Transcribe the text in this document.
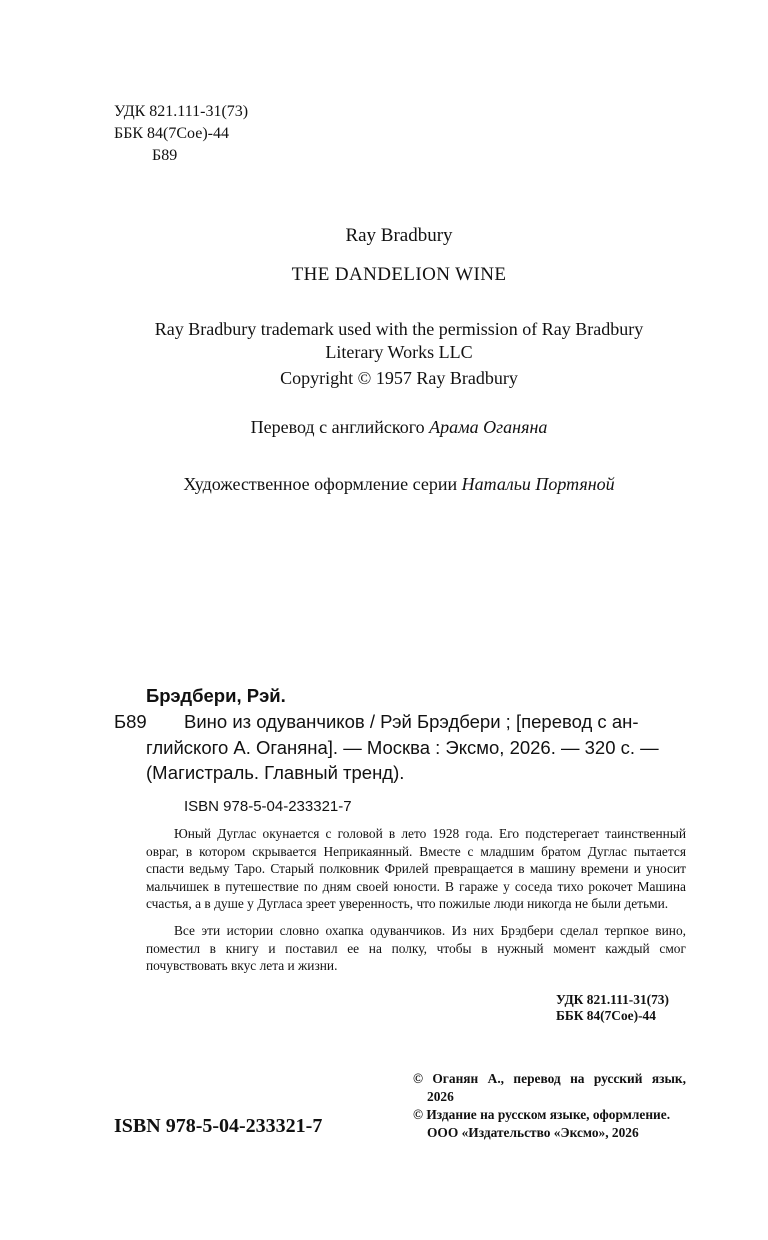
УДК 821.111-31(73)
ББК 84(7Сое)-44
Б89
Ray Bradbury
THE DANDELION WINE
Ray Bradbury trademark used with the permission of Ray Bradbury
Literary Works LLC
Copyright © 1957 Ray Bradbury
Перевод с английского Арама Оганяна
Художественное оформление серии Натальи Портяной
Брэдбери, Рэй.
Б89 Вино из одуванчиков / Рэй Брэдбери ; [перевод с ан-
глийского А. Оганяна]. — Москва : Эксмо, 2026. — 320 с. —
(Магистраль. Главный тренд).
ISBN 978-5-04-233321-7

Юный Дуглас окунается с головой в лето 1928 года. Его подстерегает таинственный овраг, в котором скрывается Неприкаянный. Вместе с младшим братом Дуглас пытается спасти ведьму Таро. Старый полковник Фрилей превращается в машину времени и уносит мальчишек в путешествие по дням своей юности. В гараже у соседа тихо рокочет Машина счастья, а в душе у Дугласа зреет уверенность, что пожилые люди никогда не были детьми.

Все эти истории словно охапка одуванчиков. Из них Брэдбери сделал терпкое вино, поместил в книгу и поставил ее на полку, чтобы в нужный момент каждый смог почувствовать вкус лета и жизни.

УДК 821.111-31(73)
ББК 84(7Сое)-44
ISBN 978-5-04-233321-7
© Оганян А., перевод на русский язык,
2026
© Издание на русском языке, оформление.
ООО «Издательство «Эксмо», 2026
